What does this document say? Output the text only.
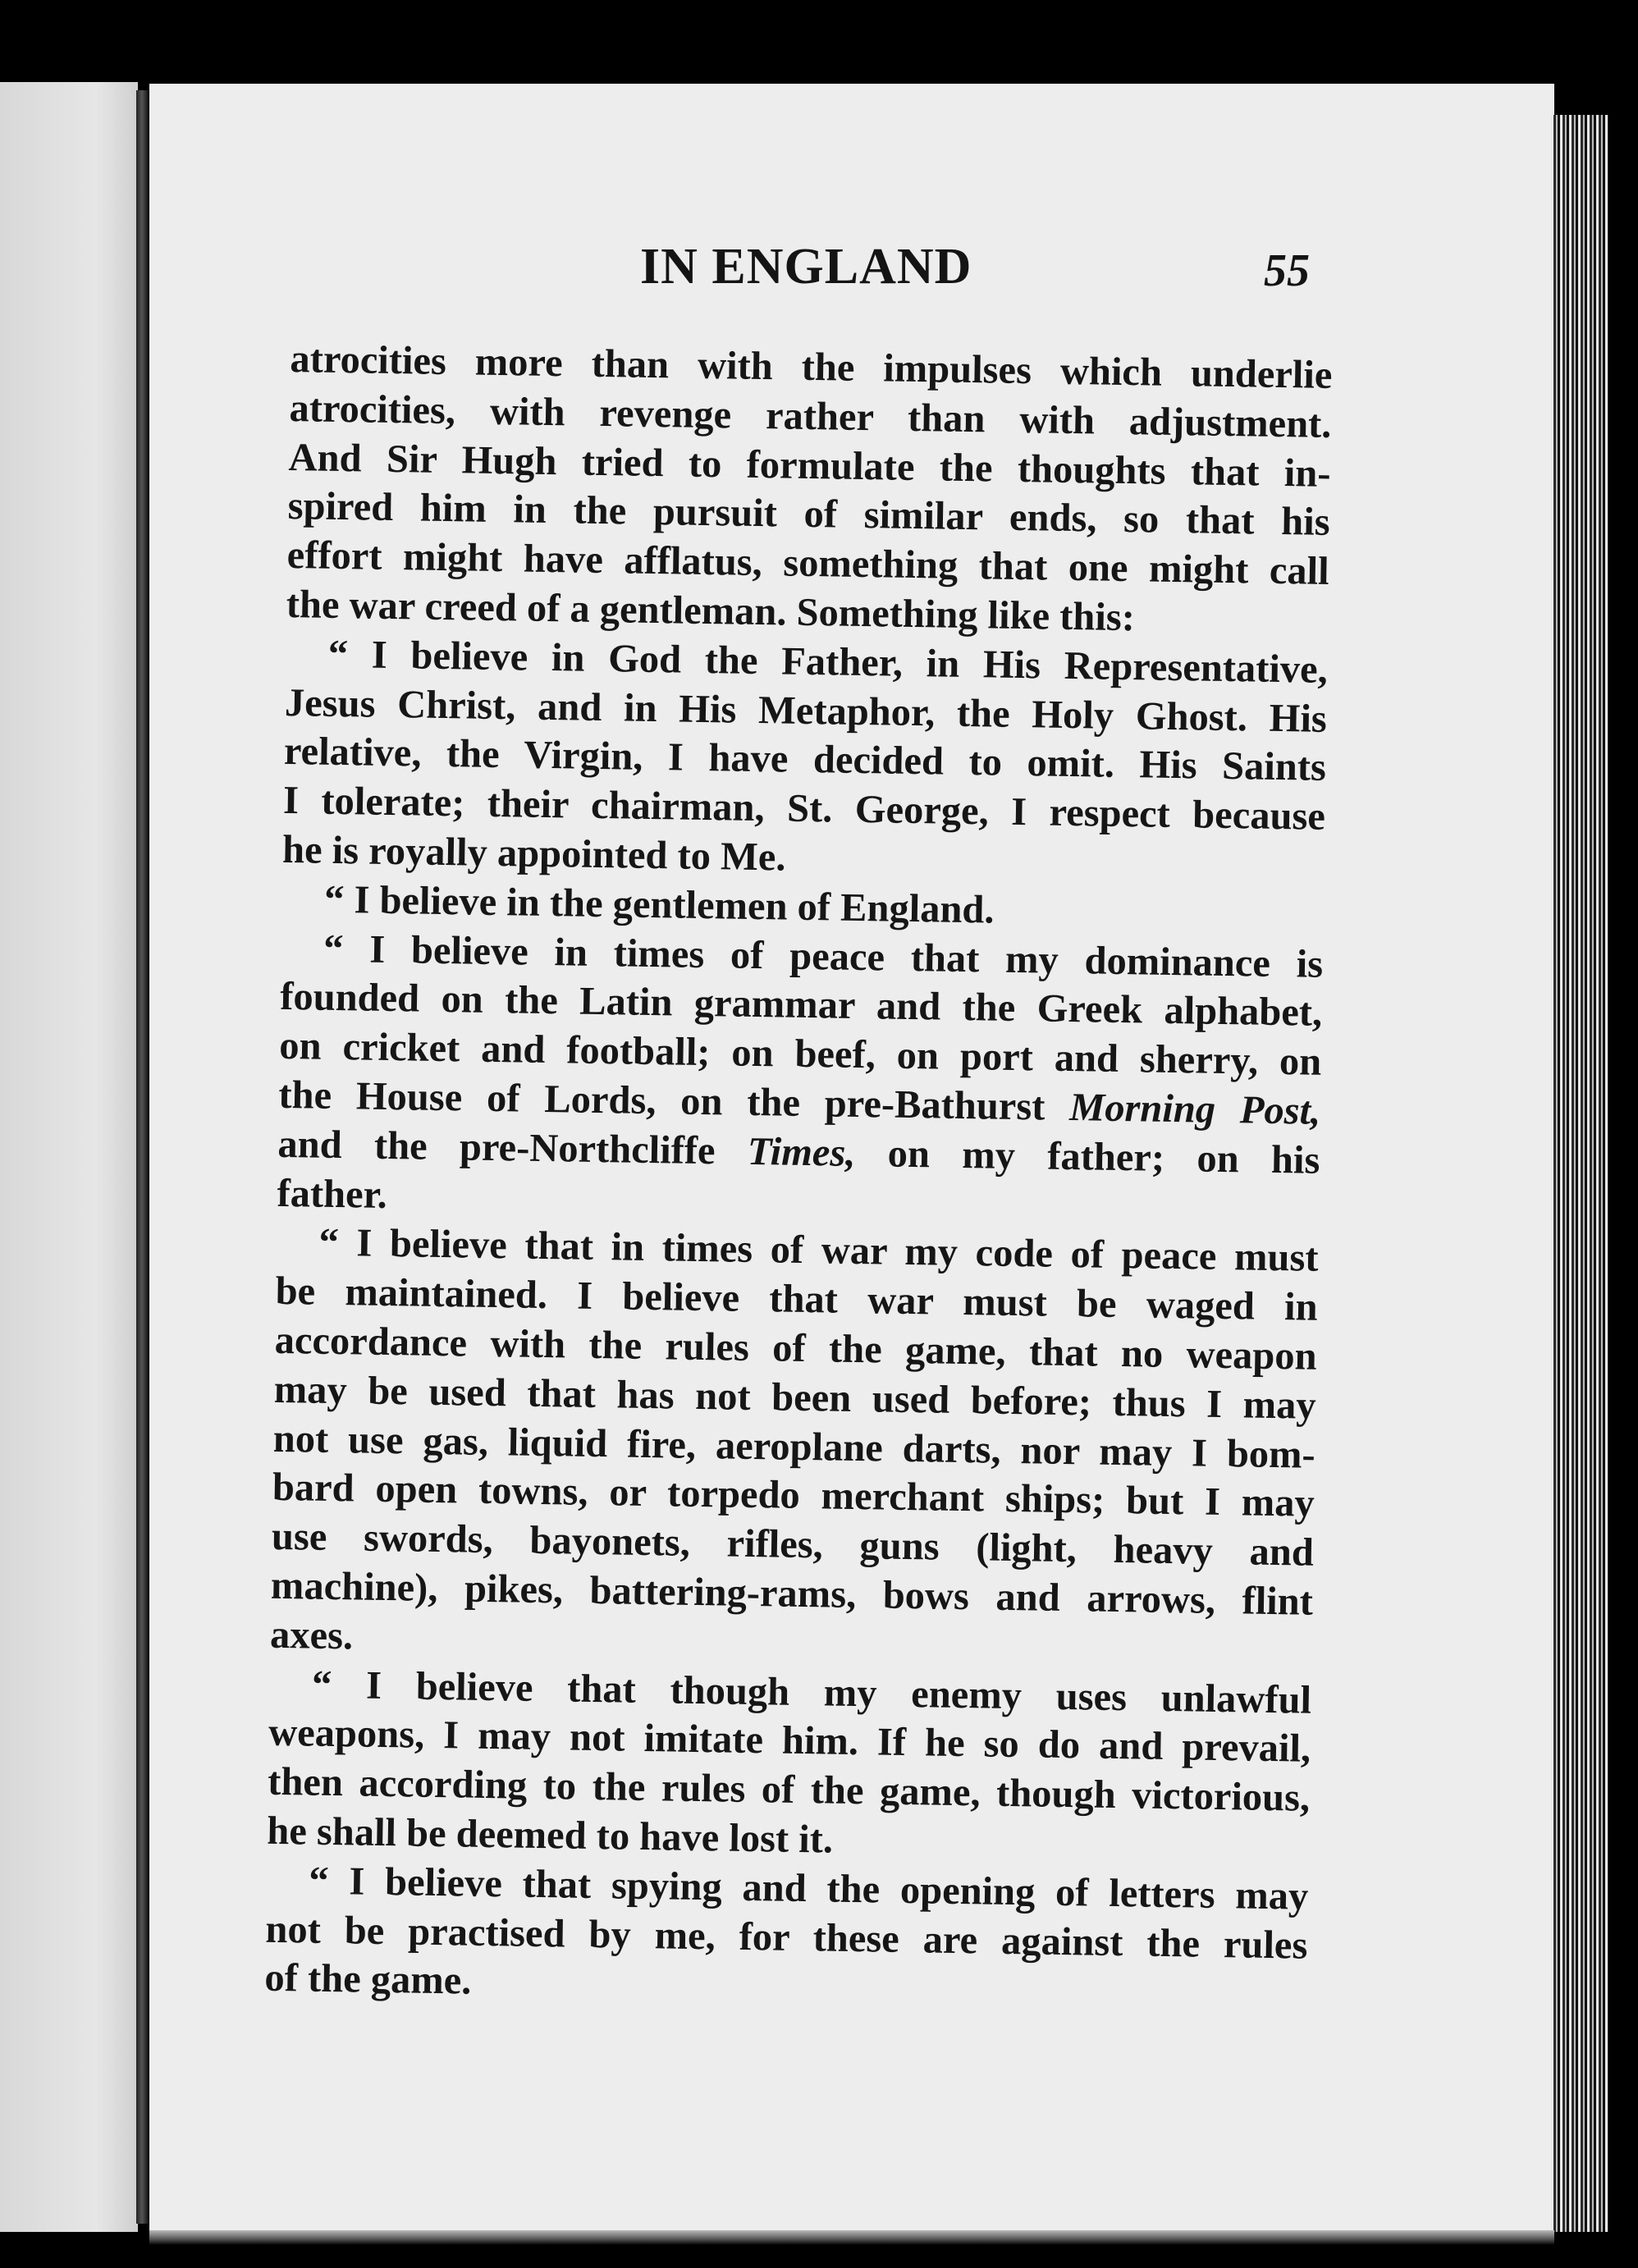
IN ENGLAND	55
atrocities more than with the impulses which underlie
atrocities, with revenge rather than with adjustment.
And Sir Hugh tried to formulate the thoughts that in-
spired him in the pursuit of similar ends, so that his
effort might have afflatus, something that one might call
the war creed of a gentleman. Something like this:
“ I believe in God the Father, in His Representative,
Jesus Christ, and in His Metaphor, the Holy Ghost. His
relative, the Virgin, I have decided to omit. His Saints
I tolerate; their chairman, St. George, I respect because
he is royally appointed to Me.
“ I believe in the gentlemen of England.
“ I believe in times of peace that my dominance is
founded on the Latin grammar and the Greek alphabet,
on cricket and football; on beef, on port and sherry, on
the House of Lords, on the pre-Bathurst Morning Post,
and the pre-Northcliffe Times, on my father; on his
father.
“ I believe that in times of war my code of peace must
be maintained. I believe that war must be waged in
accordance with the rules of the game, that no weapon
may be used that has not been used before; thus I may
not use gas, liquid fire, aeroplane darts, nor may I bom-
bard open towns, or torpedo merchant ships; but I may
use swords, bayonets, rifles, guns (light, heavy and
machine), pikes, battering-rams, bows and arrows, flint
axes.
“ I believe that though my enemy uses unlawful
weapons, I may not imitate him. If he so do and prevail,
then according to the rules of the game, though victorious,
he shall be deemed to have lost it.
“ I believe that spying and the opening of letters may
not be practised by me, for these are against the rules
of the game.
